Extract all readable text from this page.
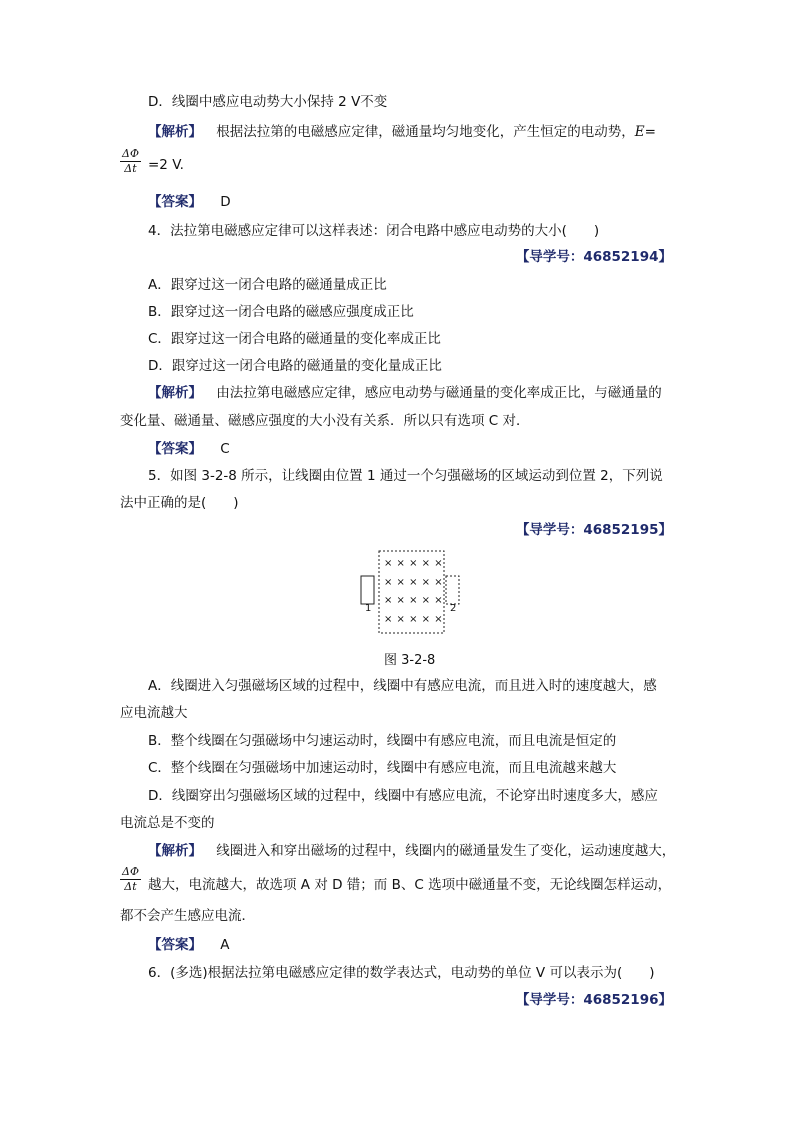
D．线圈中感应电动势大小保持 2 V不变
【解析】 根据法拉第的电磁感应定律，磁通量均匀地变化，产生恒定的电动势，E=
ΔΦ
Δt =2 V.
【答案】 D
4．法拉第电磁感应定律可以这样表述：闭合电路中感应电动势的大小(　　)
【导学号：46852194】
A．跟穿过这一闭合电路的磁通量成正比
B．跟穿过这一闭合电路的磁感应强度成正比
C．跟穿过这一闭合电路的磁通量的变化率成正比
D．跟穿过这一闭合电路的磁通量的变化量成正比
【解析】 由法拉第电磁感应定律，感应电动势与磁通量的变化率成正比，与磁通量的
变化量、磁通量、磁感应强度的大小没有关系．所以只有选项 C 对．
【答案】 C
5．如图 3-2-8 所示，让线圈由位置 1 通过一个匀强磁场的区域运动到位置 2，下列说
法中正确的是(　　)
【导学号：46852195】
× × × × ×
× × × × ×
× × × × ×
× × × × ×
1	2
图 3-2-8
A．线圈进入匀强磁场区域的过程中，线圈中有感应电流，而且进入时的速度越大，感
应电流越大
B．整个线圈在匀强磁场中匀速运动时，线圈中有感应电流，而且电流是恒定的
C．整个线圈在匀强磁场中加速运动时，线圈中有感应电流，而且电流越来越大
D．线圈穿出匀强磁场区域的过程中，线圈中有感应电流，不论穿出时速度多大，感应
电流总是不变的
【解析】 线圈进入和穿出磁场的过程中，线圈内的磁通量发生了变化，运动速度越大，
ΔΦ
Δt 越大，电流越大，故选项 A 对 D 错；而 B、C 选项中磁通量不变，无论线圈怎样运动，
都不会产生感应电流．
【答案】 A
6．(多选)根据法拉第电磁感应定律的数学表达式，电动势的单位 V 可以表示为(　　)
【导学号：46852196】
